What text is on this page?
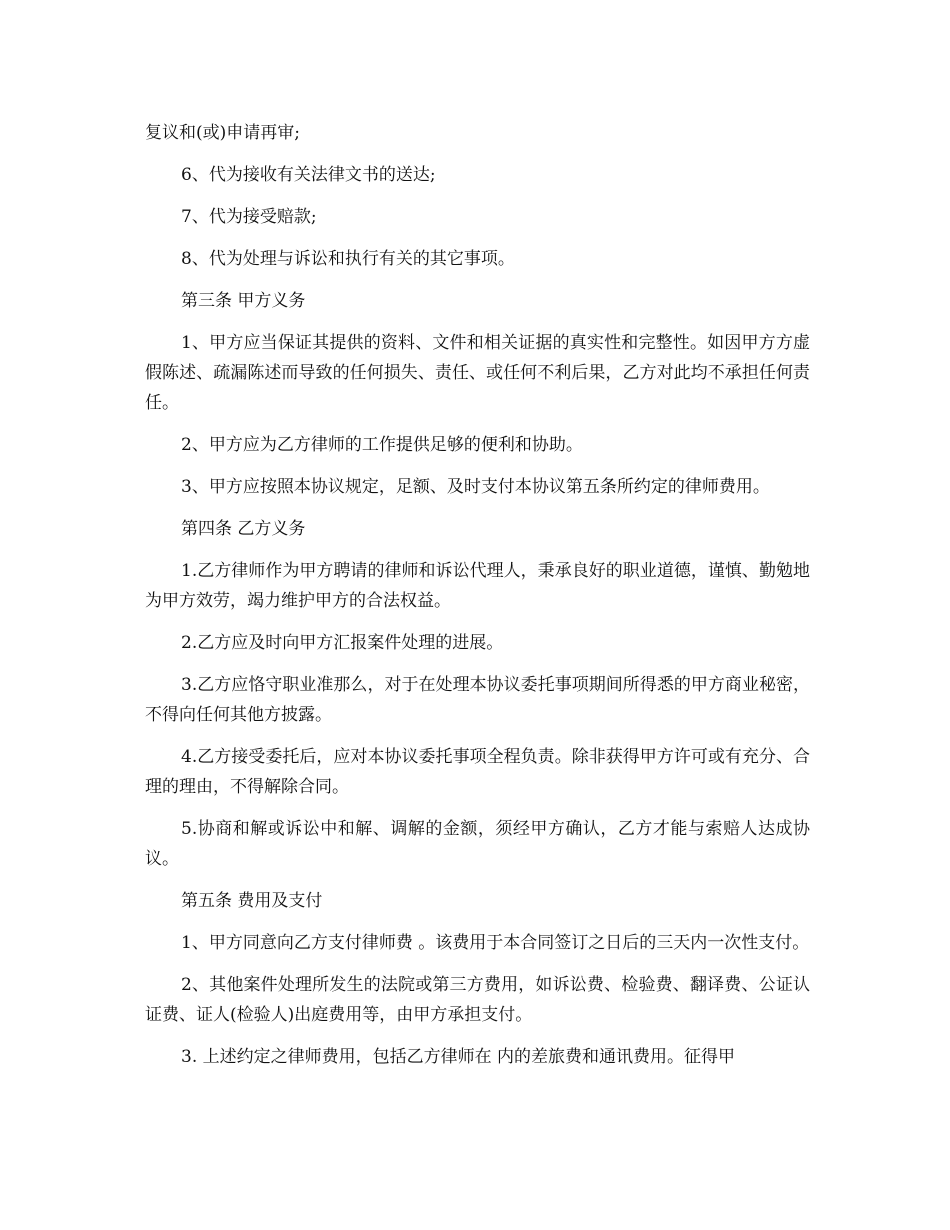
复议和(或)申请再审;

6、代为接收有关法律文书的送达;

7、代为接受赔款;

8、代为处理与诉讼和执行有关的其它事项。

第三条 甲方义务

1、甲方应当保证其提供的资料、文件和相关证据的真实性和完整性。如因甲方方虚假陈述、疏漏陈述而导致的任何损失、责任、或任何不利后果，乙方对此均不承担任何责任。

2、甲方应为乙方律师的工作提供足够的便利和协助。

3、甲方应按照本协议规定，足额、及时支付本协议第五条所约定的律师费用。

第四条 乙方义务

1.乙方律师作为甲方聘请的律师和诉讼代理人，秉承良好的职业道德，谨慎、勤勉地为甲方效劳，竭力维护甲方的合法权益。

2.乙方应及时向甲方汇报案件处理的进展。

3.乙方应恪守职业准那么，对于在处理本协议委托事项期间所得悉的甲方商业秘密，不得向任何其他方披露。

4.乙方接受委托后，应对本协议委托事项全程负责。除非获得甲方许可或有充分、合理的理由，不得解除合同。

5.协商和解或诉讼中和解、调解的金额，须经甲方确认，乙方才能与索赔人达成协议。

第五条 费用及支付

1、甲方同意向乙方支付律师费 。该费用于本合同签订之日后的三天内一次性支付。

2、其他案件处理所发生的法院或第三方费用，如诉讼费、检验费、翻译费、公证认证费、证人(检验人)出庭费用等，由甲方承担支付。

3. 上述约定之律师费用，包括乙方律师在 内的差旅费和通讯费用。征得甲
